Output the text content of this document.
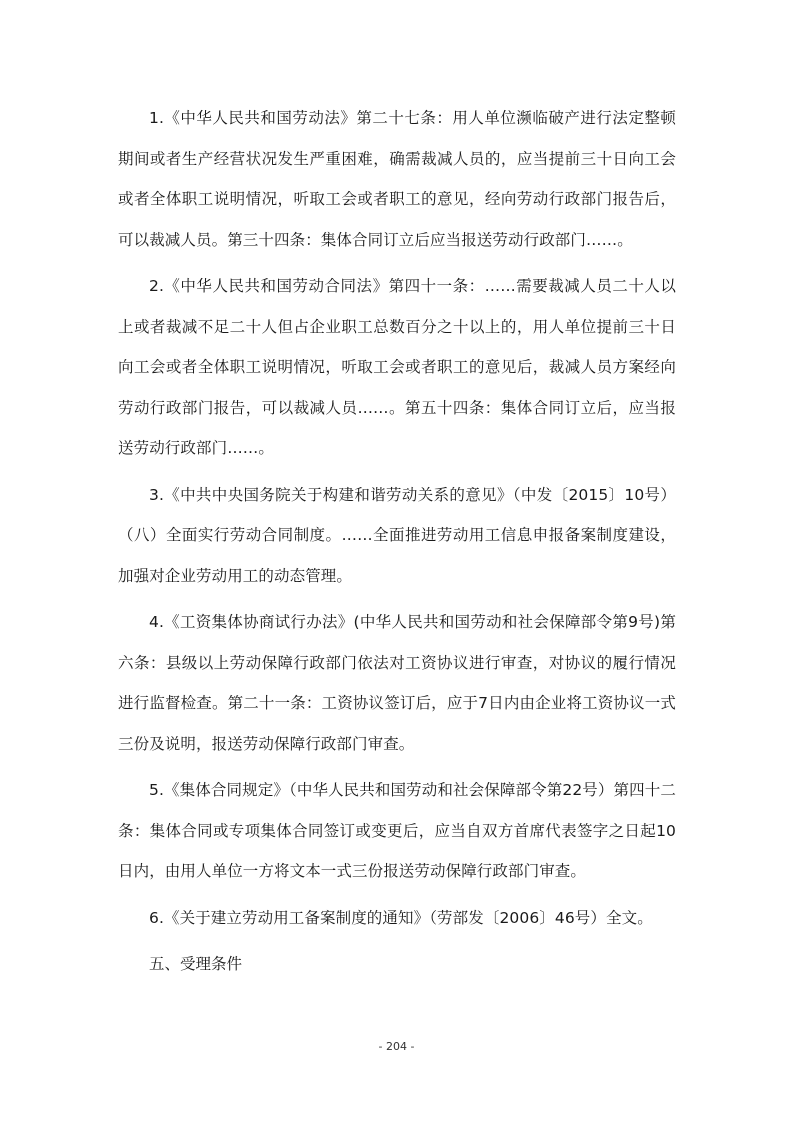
1.《中华人民共和国劳动法》第二十七条：用人单位濒临破产进行法定整顿期间或者生产经营状况发生严重困难，确需裁减人员的，应当提前三十日向工会或者全体职工说明情况，听取工会或者职工的意见，经向劳动行政部门报告后，可以裁减人员。第三十四条：集体合同订立后应当报送劳动行政部门……。

2.《中华人民共和国劳动合同法》第四十一条：……需要裁减人员二十人以上或者裁减不足二十人但占企业职工总数百分之十以上的，用人单位提前三十日向工会或者全体职工说明情况，听取工会或者职工的意见后，裁减人员方案经向劳动行政部门报告，可以裁减人员……。第五十四条：集体合同订立后，应当报送劳动行政部门……。

3.《中共中央国务院关于构建和谐劳动关系的意见》（中发〔2015〕10号）（八）全面实行劳动合同制度。……全面推进劳动用工信息申报备案制度建设，加强对企业劳动用工的动态管理。

4.《工资集体协商试行办法》(中华人民共和国劳动和社会保障部令第9号)第六条：县级以上劳动保障行政部门依法对工资协议进行审查，对协议的履行情况进行监督检查。第二十一条：工资协议签订后，应于7日内由企业将工资协议一式三份及说明，报送劳动保障行政部门审查。

5.《集体合同规定》（中华人民共和国劳动和社会保障部令第22号）第四十二条：集体合同或专项集体合同签订或变更后，应当自双方首席代表签字之日起10日内，由用人单位一方将文本一式三份报送劳动保障行政部门审查。

6.《关于建立劳动用工备案制度的通知》（劳部发〔2006〕46号）全文。

五、受理条件

- 204 -
